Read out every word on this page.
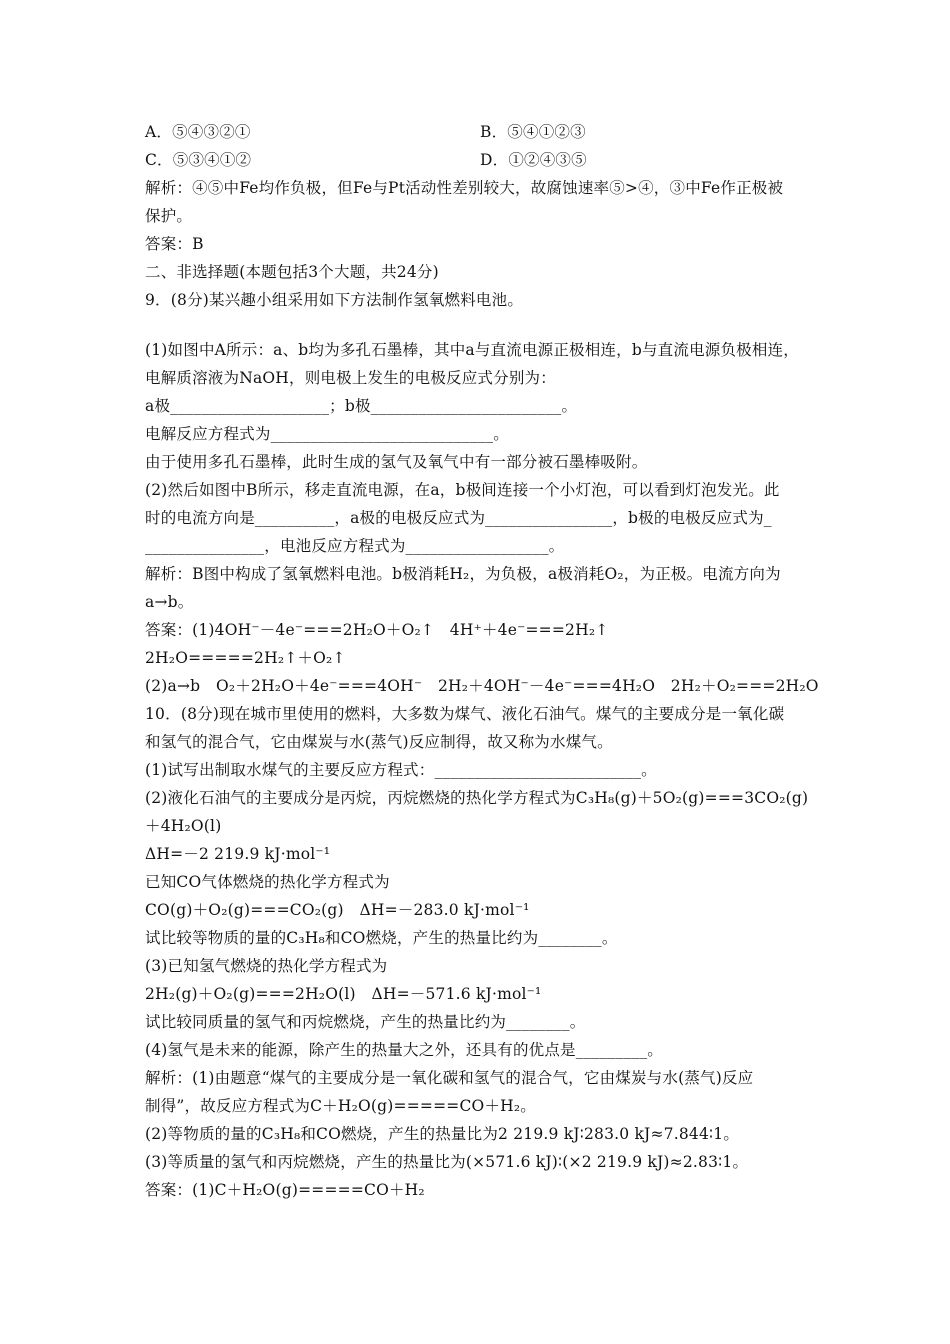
A．⑤④③②①	B．⑤④①②③
C．⑤③④①②	D．①②④③⑤
解析：④⑤中Fe均作负极，但Fe与Pt活动性差别较大，故腐蚀速率⑤>④，③中Fe作正极被
保护。
答案：B
二、非选择题(本题包括3个大题，共24分)
9．(8分)某兴趣小组采用如下方法制作氢氧燃料电池。
(1)如图中A所示：a、b均为多孔石墨棒，其中a与直流电源正极相连，b与直流电源负极相连，
电解质溶液为NaOH，则电极上发生的电极反应式分别为：
a极____________________；b极________________________。
电解反应方程式为____________________________。
由于使用多孔石墨棒，此时生成的氢气及氧气中有一部分被石墨棒吸附。
(2)然后如图中B所示，移走直流电源，在a，b极间连接一个小灯泡，可以看到灯泡发光。此
时的电流方向是__________，a极的电极反应式为________________，b极的电极反应式为_
_______________，电池反应方程式为__________________。
解析：B图中构成了氢氧燃料电池。b极消耗H₂，为负极，a极消耗O₂，为正极。电流方向为
a→b。
答案：(1)4OH⁻－4e⁻===2H₂O＋O₂↑　4H⁺＋4e⁻===2H₂↑
2H₂O=====2H₂↑＋O₂↑
(2)a→b　O₂＋2H₂O＋4e⁻===4OH⁻　2H₂＋4OH⁻－4e⁻===4H₂O　2H₂＋O₂===2H₂O
10．(8分)现在城市里使用的燃料，大多数为煤气、液化石油气。煤气的主要成分是一氧化碳
和氢气的混合气，它由煤炭与水(蒸气)反应制得，故又称为水煤气。
(1)试写出制取水煤气的主要反应方程式：__________________________。
(2)液化石油气的主要成分是丙烷，丙烷燃烧的热化学方程式为C₃H₈(g)＋5O₂(g)===3CO₂(g)
＋4H₂O(l)
ΔH=－2 219.9 kJ·mol⁻¹
已知CO气体燃烧的热化学方程式为
CO(g)＋O₂(g)===CO₂(g)　ΔH=－283.0 kJ·mol⁻¹
试比较等物质的量的C₃H₈和CO燃烧，产生的热量比约为________。
(3)已知氢气燃烧的热化学方程式为
2H₂(g)＋O₂(g)===2H₂O(l)　ΔH=－571.6 kJ·mol⁻¹
试比较同质量的氢气和丙烷燃烧，产生的热量比约为________。
(4)氢气是未来的能源，除产生的热量大之外，还具有的优点是_________。
解析：(1)由题意“煤气的主要成分是一氧化碳和氢气的混合气，它由煤炭与水(蒸气)反应
制得”，故反应方程式为C＋H₂O(g)=====CO＋H₂。
(2)等物质的量的C₃H₈和CO燃烧，产生的热量比为2 219.9 kJ∶283.0 kJ≈7.844∶1。
(3)等质量的氢气和丙烷燃烧，产生的热量比为(×571.6 kJ)∶(×2 219.9 kJ)≈2.83∶1。
答案：(1)C＋H₂O(g)=====CO＋H₂
